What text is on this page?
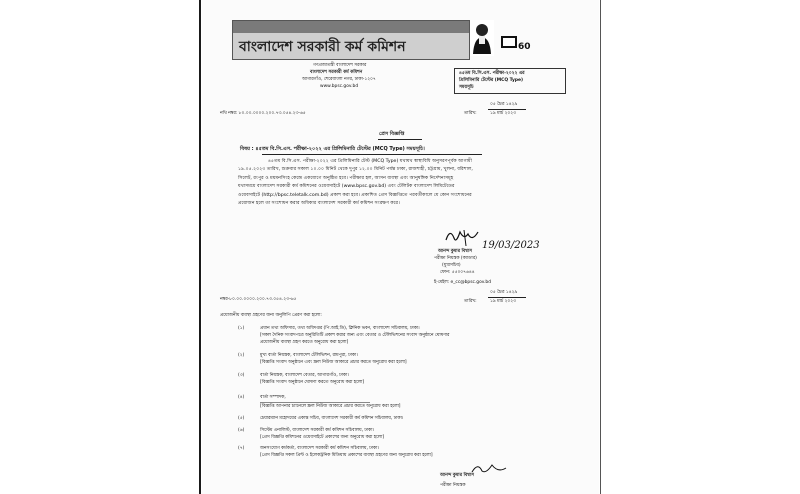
বাংলাদেশ সরকারী কর্ম কমিশন	60
গণপ্রজাতন্ত্রী বাংলাদেশ সরকার
বাংলাদেশ সরকারী কর্ম কমিশন
আগারগাঁও, শেরেবাংলা নগর, ঢাকা-১২০৭
www.bpsc.gov.bd
৪৫তম বি.সি.এস. পরীক্ষা-২০২২ এর
প্রিলিমিনারি টেস্টের (MCQ Type)
সময়সূচি
০৫ চৈত্র ১৪২৯
নথি নম্বর: ৮০.০০.০০০০.২০০.৭৩.০৫৪.২৩-৬৫	তারিখ:	১৯ মার্চ ২০২৩
প্রেস বিজ্ঞপ্তি
বিষয় : ৪৫তম বি.সি.এস. পরীক্ষা-২০২২ এর প্রিলিমিনারি টেস্টের (MCQ Type) সময়সূচি।
৪৫তম বি.সি.এস. পরীক্ষা-২০২২ এর প্রিলিমিনারি টেস্ট (MCQ Type) যথাযথ স্বাস্থ্যবিধি অনুসরণপূর্বক আগামী
১৯.০৫.২০২৩ তারিখ, শুক্রবার সকাল ১০.০০ মিনিট থেকে দুপুর ১২.০০ মিনিট পর্যন্ত ঢাকা, রাজশাহী, চট্টগ্রাম, খুলনা, বরিশাল,
সিলেট, রংপুর ও ময়মনসিংহ কেন্দ্রে একযোগে অনুষ্ঠিত হবে। পরীক্ষার হল, আসন ব্যবস্থা এবং আনুষঙ্গিক নির্দেশনাসমূহ
যথাসময়ে বাংলাদেশ সরকারী কর্ম কমিশনের ওয়েবসাইটে (www.bpsc.gov.bd) এবং টেলিটক বাংলাদেশ লিমিটেডের
ওয়েবসাইটে (http://bpsc.teletalk.com.bd) প্রকাশ করা হবে। প্রকাশিত প্রেস বিজ্ঞপ্তিতে পরবর্তীকালে যে কোন সংশোধনের
প্রয়োজন হলে তা সংশোধন করার অধিকার বাংলাদেশ সরকারী কর্ম কমিশন সংরক্ষণ করে।
19/03/2023
আনন্দ কুমার বিশ্বাস
পরীক্ষা নিয়ন্ত্রক (ক্যাডার)
(যুগ্মসচিব)
ফোন: ৫৫০০৭৬৪৪
ই-মেইল: e_cc@bpsc.gov.bd
০৫ চৈত্র ১৪২৯
নম্বর-৮০.০০.০০০০.২০০.৭৩.০৫৪.২৩-৬৫	তারিখ:	১৯ মার্চ ২০২৩
প্রয়োজনীয় ব্যবস্থা গ্রহণের জন্য অনুলিপি প্রেরণ করা হলো:
(১)	প্রধান তথ্য অফিসার, তথ্য অধিদপ্তর (পি.আই.ডি), ক্লিনিক ভবন, বাংলাদেশ সচিবালয়, ঢাকা।
[সকল দৈনিক সংবাদপত্রে অনুরিতিটি প্রকাশ করার জন্য এবং বেতার ও টেলিভিশনের সংবাদ অনুষ্ঠানে ঘোষণার
প্রয়োজনীয় ব্যবস্থা গ্রহণ করতে অনুরোধ করা হলো]
(২)	মুখ্য বার্তা নিয়ন্ত্রক, বাংলাদেশ টেলিভিশন, রামপুরা, ঢাকা।
[বিজ্ঞপ্তি সংবাদ অনুষ্ঠানে এবং স্ক্রল নিউজ আকারে প্রচার করতে অনুরোধ করা হলো]
(৩)	বার্তা নিয়ন্ত্রক, বাংলাদেশ বেতার, আগারগাঁও, ঢাকা।
[বিজ্ঞপ্তি সংবাদ অনুষ্ঠানে ঘোষণা করতে অনুরোধ করা হলো]
(৪)	বার্তা সম্পাদক,
[বিজ্ঞপ্তি আপনার চ্যানেলে স্ক্রল নিউজ আকারে প্রচার করতে অনুরোধ করা হলো]
(৫)	চেয়ারম্যান মহোদয়ের একান্ত সচিব, বাংলাদেশ সরকারী কর্ম কমিশন সচিবালয়, ঢাকা।
(৬)	সিস্টেম এনালিস্ট, বাংলাদেশ সরকারী কর্ম কমিশন সচিবালয়, ঢাকা।
[প্রেস বিজ্ঞপ্তি কমিশনের ওয়েবসাইটে প্রকাশের জন্য অনুরোধ করা হলো]
(৭)	জনসংযোগ কর্মকর্তা, বাংলাদেশ সরকারী কর্ম কমিশন সচিবালয়, ঢাকা।
[প্রেস বিজ্ঞপ্তি সকল প্রিন্ট ও ইলেকট্রনিক মিডিয়ায় প্রকাশের ব্যবস্থা গ্রহণের জন্য অনুরোধ করা হলো]
আনন্দ কুমার বিশ্বাস
পরীক্ষা নিয়ন্ত্রক
